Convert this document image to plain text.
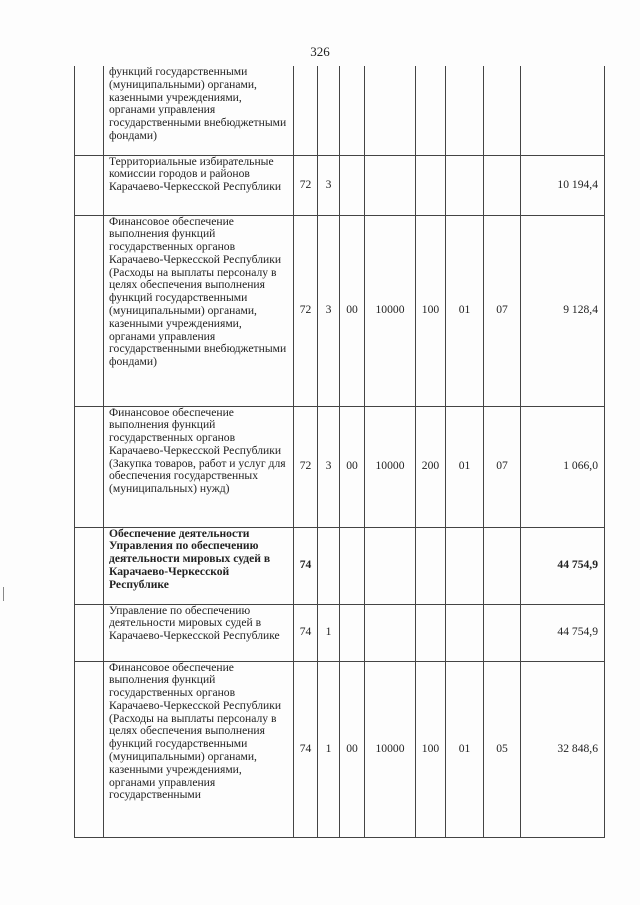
326
	функций государственными (муниципальными) органами, казенными учреждениями, органами управления государственными внебюджетными фондами)								
	Территориальные избирательные комиссии городов и районов Карачаево-Черкесской Республики	72	3						10 194,4
	Финансовое обеспечение выполнения функций государственных органов Карачаево-Черкесской Республики (Расходы на выплаты персоналу в целях обеспечения выполнения функций государственными (муниципальными) органами, казенными учреждениями, органами управления государственными внебюджетными фондами)	72	3	00	10000	100	01	07	9 128,4
	Финансовое обеспечение выполнения функций государственных органов Карачаево-Черкесской Республики (Закупка товаров, работ и услуг для обеспечения государственных (муниципальных) нужд)	72	3	00	10000	200	01	07	1 066,0
	Обеспечение деятельности Управления по обеспечению деятельности мировых судей в Карачаево-Черкесской Республике	74							44 754,9
	Управление по обеспечению деятельности мировых судей в Карачаево-Черкесской Республике	74	1						44 754,9
	Финансовое обеспечение выполнения функций государственных органов Карачаево-Черкесской Республики (Расходы на выплаты персоналу в целях обеспечения выполнения функций государственными (муниципальными) органами, казенными учреждениями, органами управления государственными	74	1	00	10000	100	01	05	32 848,6
